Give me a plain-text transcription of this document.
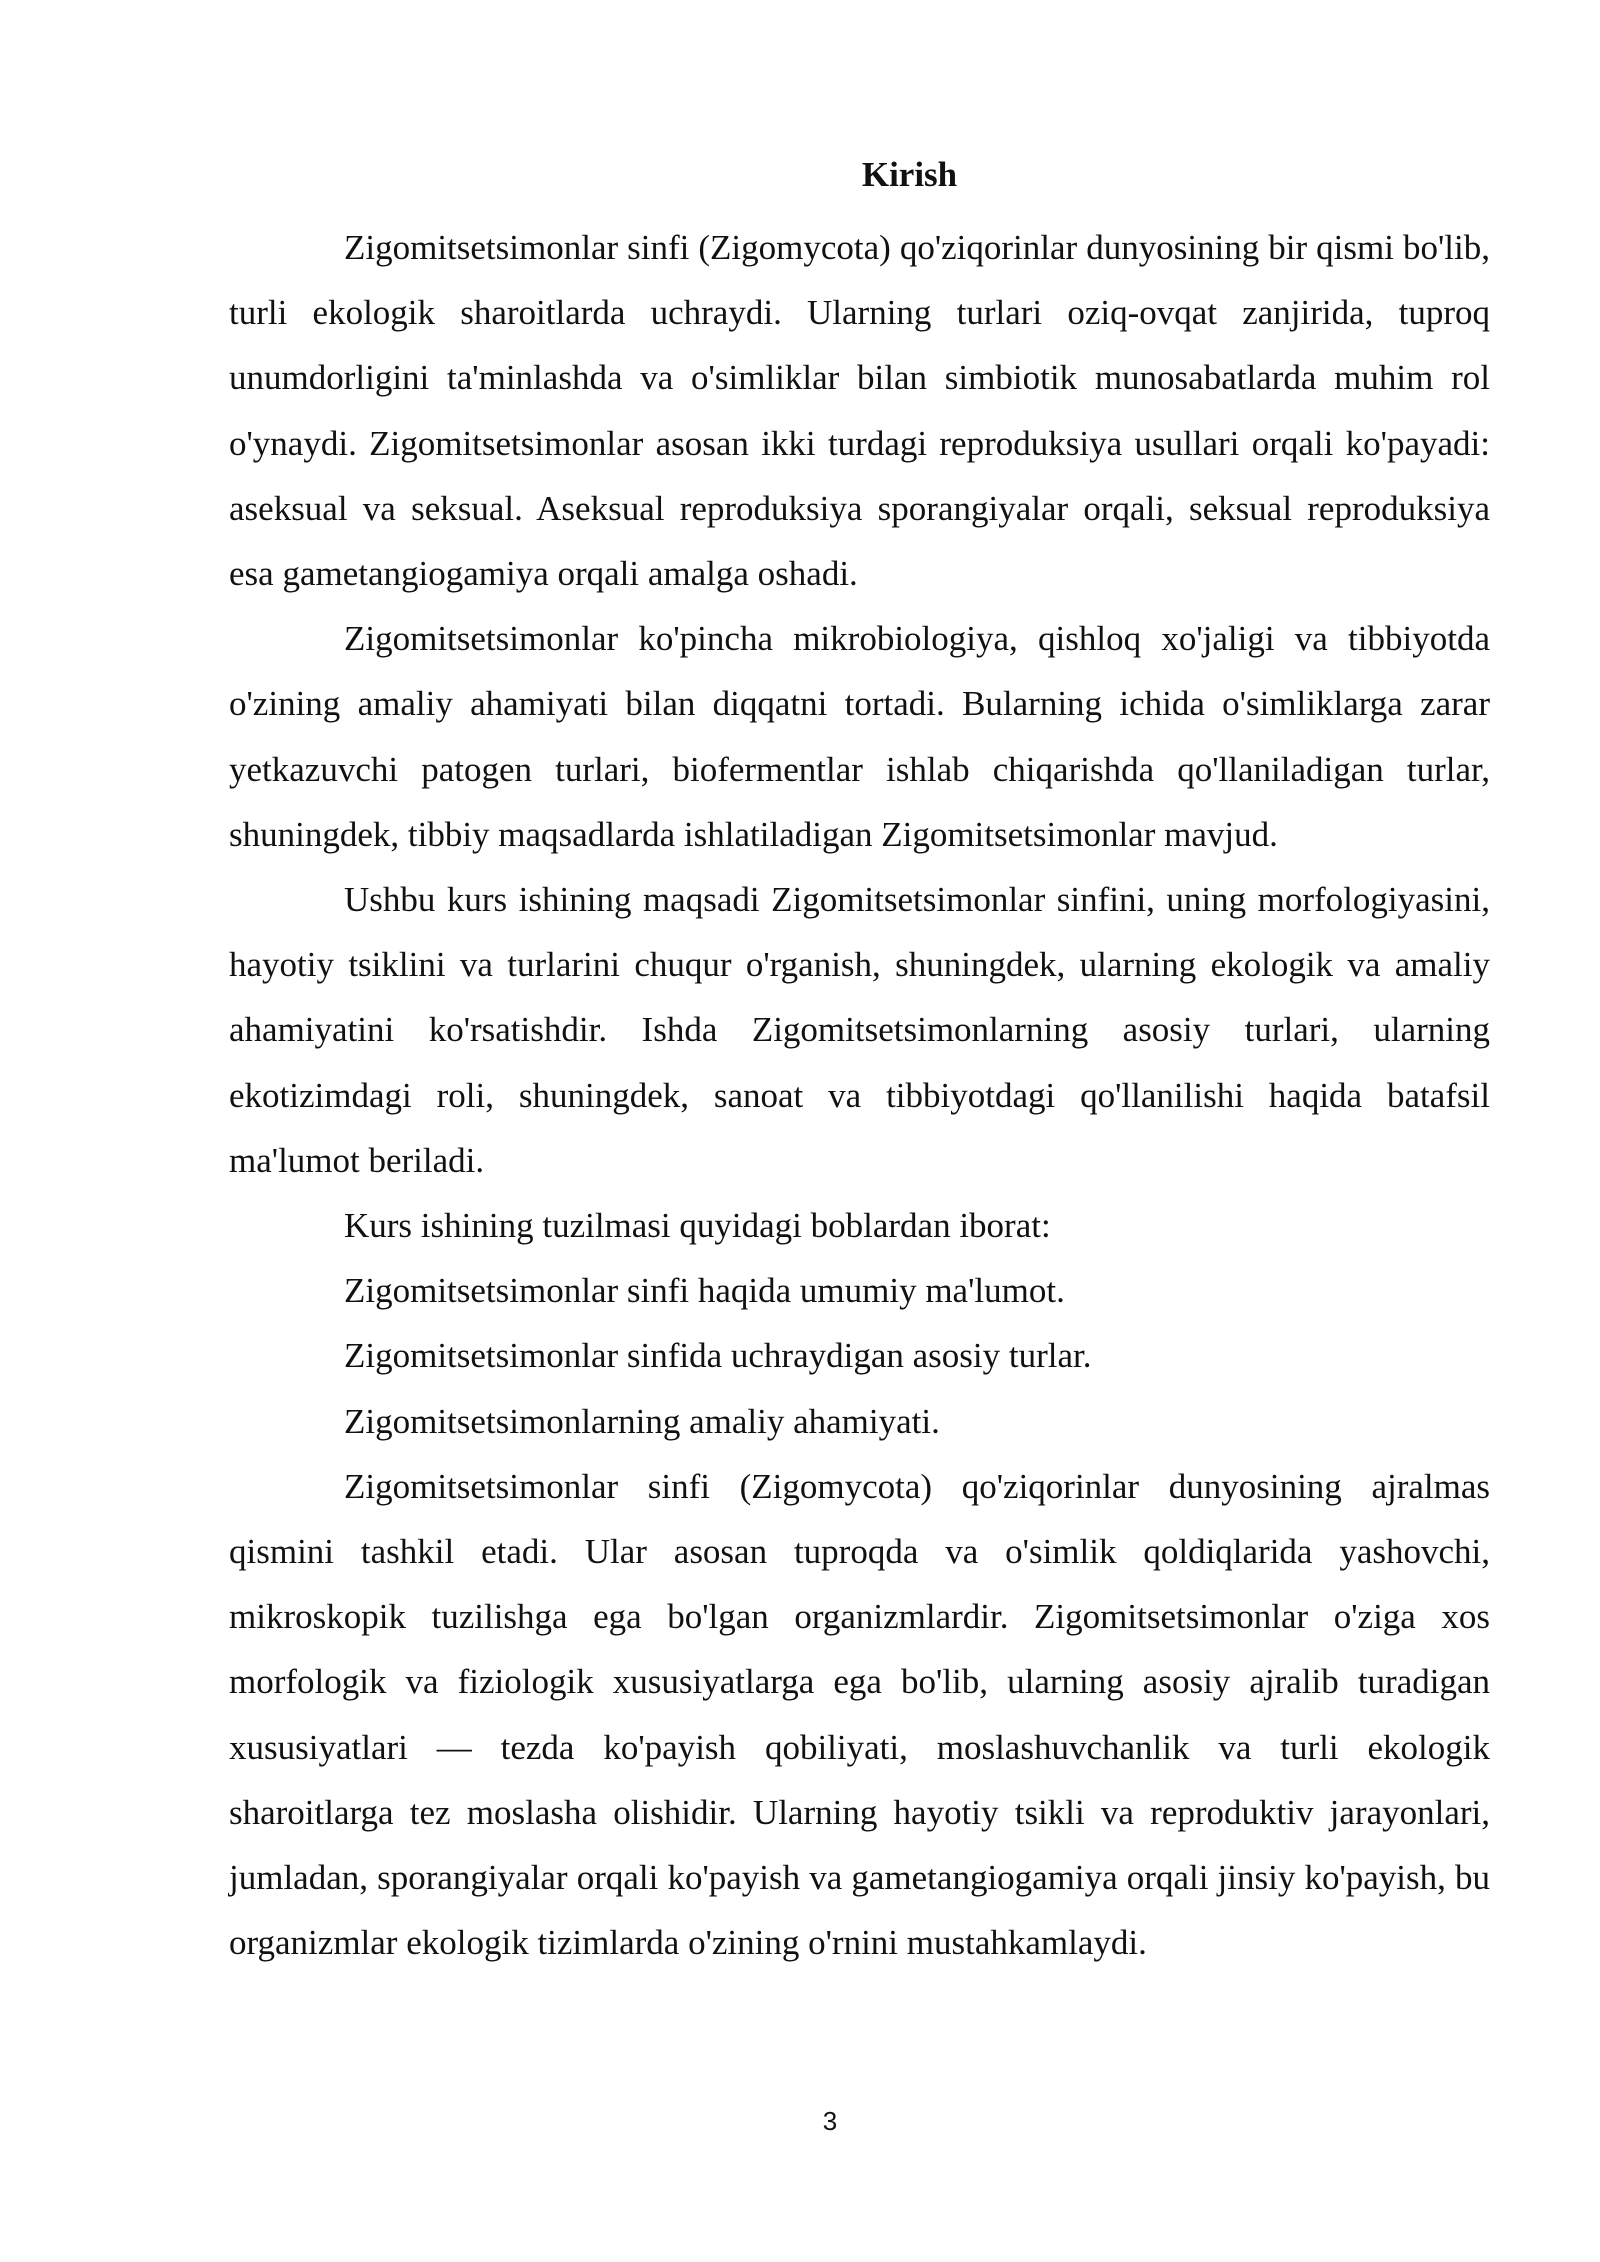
Kirish

Zigomitsetsimonlar sinfi (Zigomycota) qo'ziqorinlar dunyosining bir qismi bo'lib, turli ekologik sharoitlarda uchraydi. Ularning turlari oziq-ovqat zanjirida, tuproq unumdorligini ta'minlashda va o'simliklar bilan simbiotik munosabatlarda muhim rol o'ynaydi. Zigomitsetsimonlar asosan ikki turdagi reproduksiya usullari orqali ko'payadi: aseksual va seksual. Aseksual reproduksiya sporangiyalar orqali, seksual reproduksiya esa gametangiogamiya orqali amalga oshadi.

Zigomitsetsimonlar ko'pincha mikrobiologiya, qishloq xo'jaligi va tibbiyotda o'zining amaliy ahamiyati bilan diqqatni tortadi. Bularning ichida o'simliklarga zarar yetkazuvchi patogen turlari, biofermentlar ishlab chiqarishda qo'llaniladigan turlar, shuningdek, tibbiy maqsadlarda ishlatiladigan Zigomitsetsimonlar mavjud.

Ushbu kurs ishining maqsadi Zigomitsetsimonlar sinfini, uning morfologiyasini, hayotiy tsiklini va turlarini chuqur o'rganish, shuningdek, ularning ekologik va amaliy ahamiyatini ko'rsatishdir. Ishda Zigomitsetsimonlarning asosiy turlari, ularning ekotizimdagi roli, shuningdek, sanoat va tibbiyotdagi qo'llanilishi haqida batafsil ma'lumot beriladi.

Kurs ishining tuzilmasi quyidagi boblardan iborat:

Zigomitsetsimonlar sinfi haqida umumiy ma'lumot.

Zigomitsetsimonlar sinfida uchraydigan asosiy turlar.

Zigomitsetsimonlarning amaliy ahamiyati.

Zigomitsetsimonlar sinfi (Zigomycota) qo'ziqorinlar dunyosining ajralmas qismini tashkil etadi. Ular asosan tuproqda va o'simlik qoldiqlarida yashovchi, mikroskopik tuzilishga ega bo'lgan organizmlardir. Zigomitsetsimonlar o'ziga xos morfologik va fiziologik xususiyatlarga ega bo'lib, ularning asosiy ajralib turadigan xususiyatlari — tezda ko'payish qobiliyati, moslashuvchanlik va turli ekologik sharoitlarga tez moslasha olishidir. Ularning hayotiy tsikli va reproduktiv jarayonlari, jumladan, sporangiyalar orqali ko'payish va gametangiogamiya orqali jinsiy ko'payish, bu organizmlar ekologik tizimlarda o'zining o'rnini mustahkamlaydi.

3
